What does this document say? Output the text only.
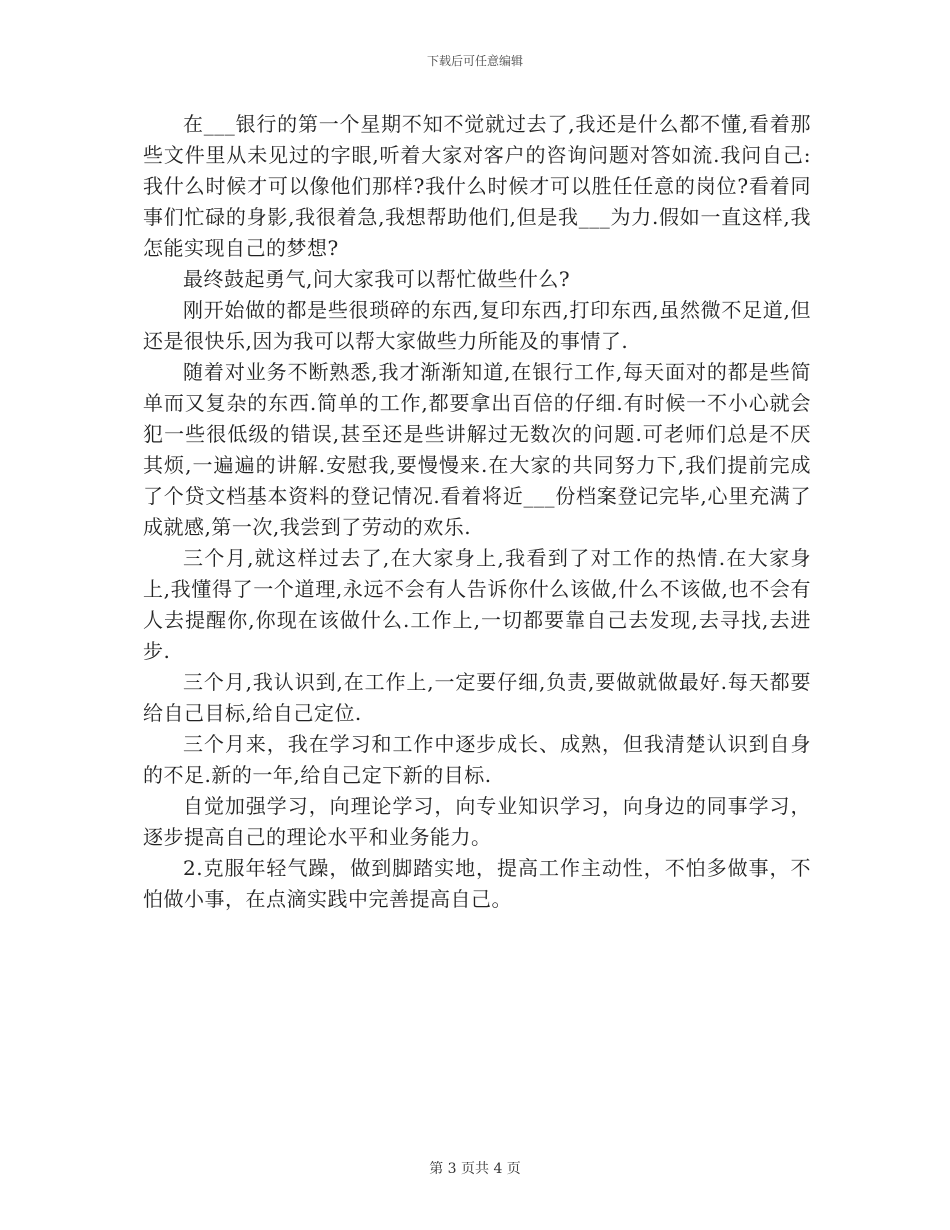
下载后可任意编辑

在___银行的第一个星期不知不觉就过去了,我还是什么都不懂,看着那些文件里从未见过的字眼,听着大家对客户的咨询问题对答如流.我问自己:我什么时候才可以像他们那样?我什么时候才可以胜任任意的岗位?看着同事们忙碌的身影,我很着急,我想帮助他们,但是我___为力.假如一直这样,我怎能实现自己的梦想?

最终鼓起勇气,问大家我可以帮忙做些什么?

刚开始做的都是些很琐碎的东西,复印东西,打印东西,虽然微不足道,但还是很快乐,因为我可以帮大家做些力所能及的事情了.

随着对业务不断熟悉,我才渐渐知道,在银行工作,每天面对的都是些简单而又复杂的东西.简单的工作,都要拿出百倍的仔细.有时候一不小心就会犯一些很低级的错误,甚至还是些讲解过无数次的问题.可老师们总是不厌其烦,一遍遍的讲解.安慰我,要慢慢来.在大家的共同努力下,我们提前完成了个贷文档基本资料的登记情况.看着将近___份档案登记完毕,心里充满了成就感,第一次,我尝到了劳动的欢乐.

三个月,就这样过去了,在大家身上,我看到了对工作的热情.在大家身上,我懂得了一个道理,永远不会有人告诉你什么该做,什么不该做,也不会有人去提醒你,你现在该做什么.工作上,一切都要靠自己去发现,去寻找,去进步.

三个月,我认识到,在工作上,一定要仔细,负责,要做就做最好.每天都要给自己目标,给自己定位.

三个月来，我在学习和工作中逐步成长、成熟，但我清楚认识到自身的不足.新的一年,给自己定下新的目标.

自觉加强学习，向理论学习，向专业知识学习，向身边的同事学习，逐步提高自己的理论水平和业务能力。

2.克服年轻气躁，做到脚踏实地，提高工作主动性，不怕多做事，不怕做小事，在点滴实践中完善提高自己。

第 3 页共 4 页
